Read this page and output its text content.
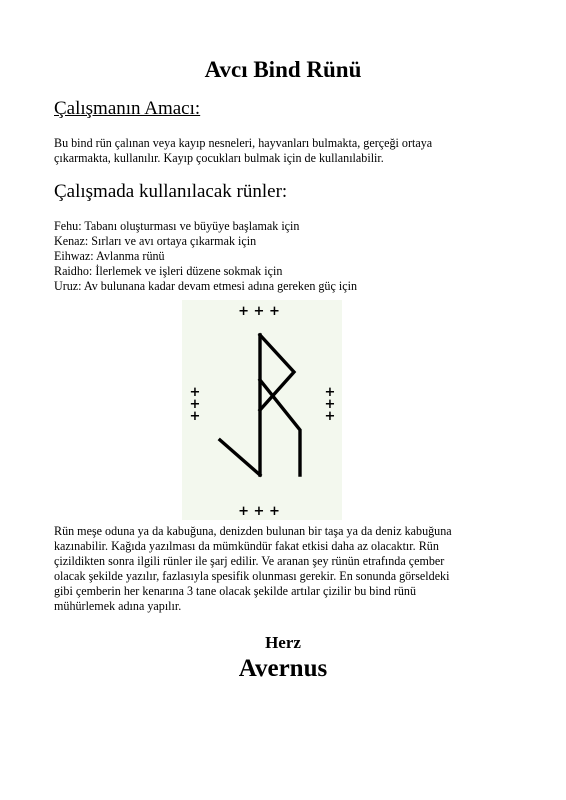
Avcı Bind Rünü
Çalışmanın Amacı:

Bu bind rün çalınan veya kayıp nesneleri, hayvanları bulmakta, gerçeği ortaya
çıkarmakta, kullanılır. Kayıp çocukları bulmak için de kullanılabilir.

Çalışmada kullanılacak rünler:

Fehu: Tabanı oluşturması ve büyüye başlamak için
Kenaz: Sırları ve avı ortaya çıkarmak için
Eihwaz: Avlanma rünü
Raidho: İlerlemek ve işleri düzene sokmak için
Uruz: Av bulunana kadar devam etmesi adına gereken güç için

+ + +
+ + +
+
+
+
+
+
+

Rün meşe oduna ya da kabuğuna, denizden bulunan bir taşa ya da deniz kabuğuna
kazınabilir. Kağıda yazılması da mümkündür fakat etkisi daha az olacaktır. Rün
çizildikten sonra ilgili rünler ile şarj edilir. Ve aranan şey rünün etrafında çember
olacak şekilde yazılır, fazlasıyla spesifik olunması gerekir. En sonunda görseldeki
gibi çemberin her kenarına 3 tane olacak şekilde artılar çizilir bu bind rünü
mühürlemek adına yapılır.

Herz
Avernus
